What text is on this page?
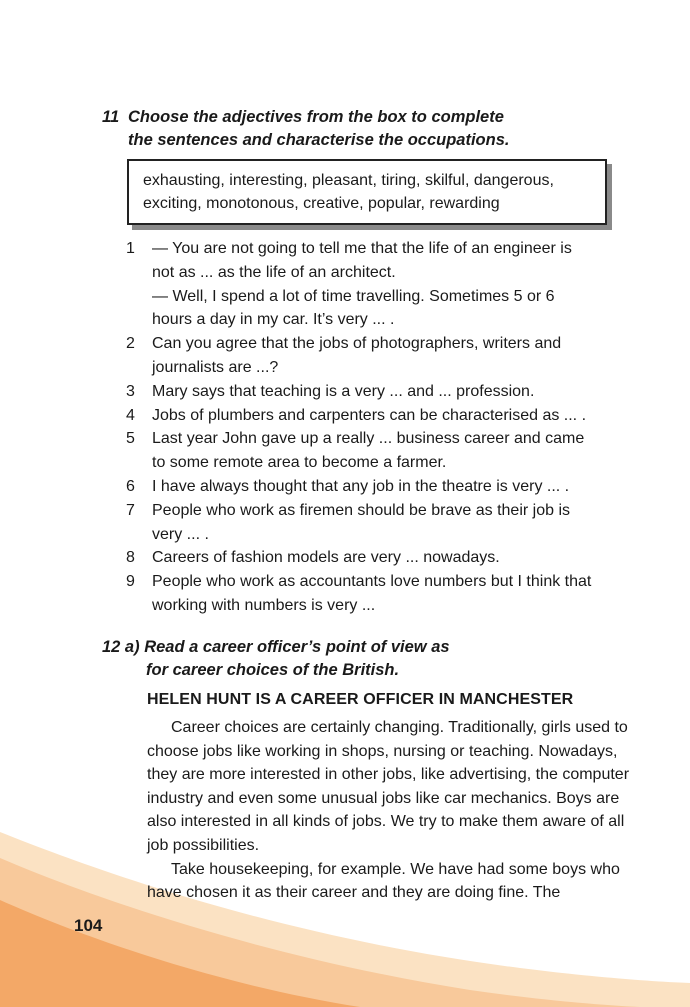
11 Choose the adjectives from the box to complete
the sentences and characterise the occupations.
exhausting, interesting, pleasant, tiring, skilful, dangerous,
exciting, monotonous, creative, popular, rewarding
1 — You are not going to tell me that the life of an engineer is
not as ... as the life of an architect.
— Well, I spend a lot of time travelling. Sometimes 5 or 6
hours a day in my car. It’s very ... .
2 Can you agree that the jobs of photographers, writers and
journalists are ...?
3 Mary says that teaching is a very ... and ... profession.
4 Jobs of plumbers and carpenters can be characterised as ... .
5 Last year John gave up a really ... business career and came
to some remote area to become a farmer.
6 I have always thought that any job in the theatre is very ... .
7 People who work as firemen should be brave as their job is
very ... .
8 Careers of fashion models are very ... nowadays.
9 People who work as accountants love numbers but I think that
working with numbers is very ...
12 a) Read a career officer’s point of view as
for career choices of the British.
HELEN HUNT IS A CAREER OFFICER IN MANCHESTER

Career choices are certainly changing. Traditionally, girls used to choose jobs like working in shops, nursing or teaching. Nowadays, they are more interested in other jobs, like advertising, the computer industry and even some unusual jobs like car mechanics. Boys are also interested in all kinds of jobs. We try to make them aware of all job possibilities.

Take housekeeping, for example. We have had some boys who have chosen it as their career and they are doing fine. The

104
